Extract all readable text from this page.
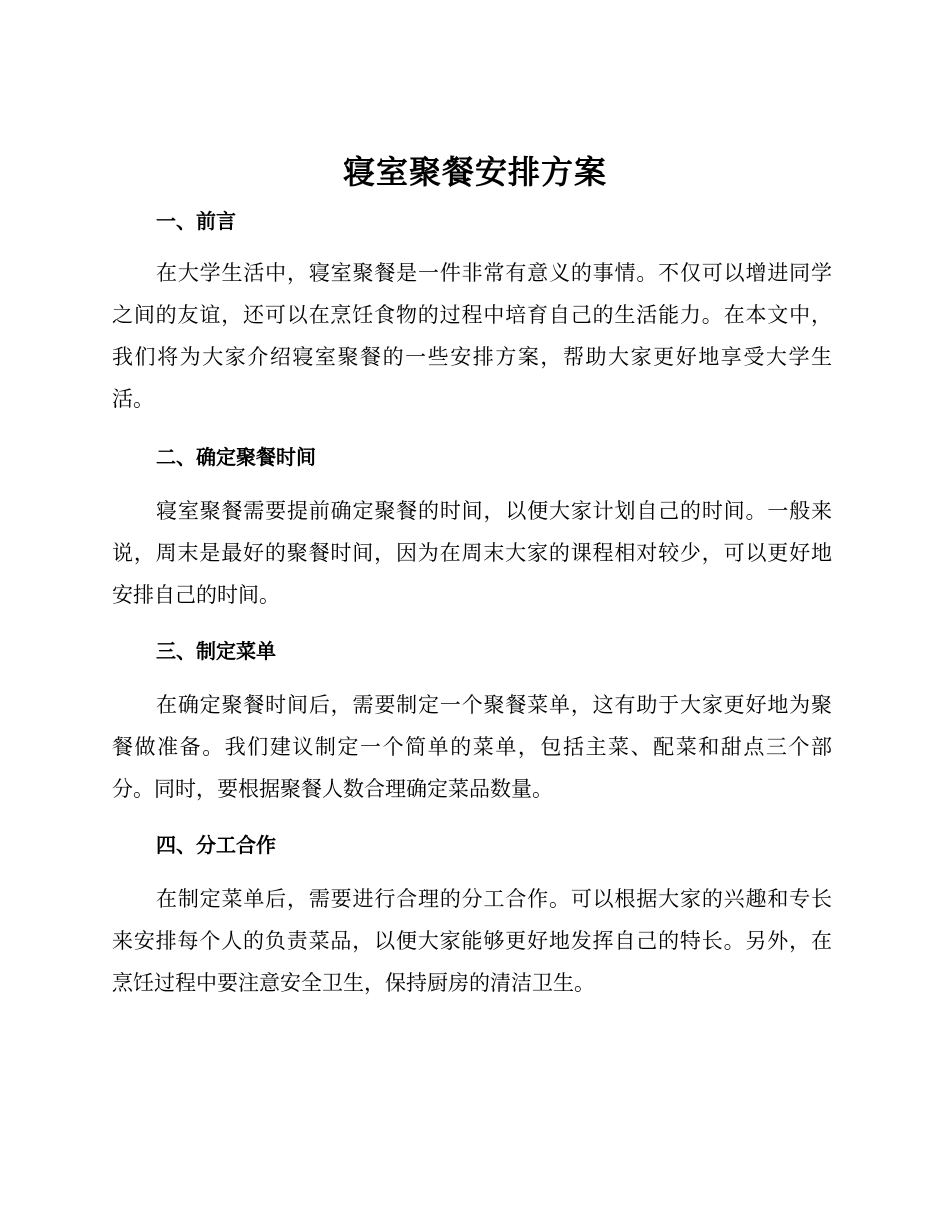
寝室聚餐安排方案
一、前言
在大学生活中，寝室聚餐是一件非常有意义的事情。不仅可以增进同学
之间的友谊，还可以在烹饪食物的过程中培育自己的生活能力。在本文中，
我们将为大家介绍寝室聚餐的一些安排方案，帮助大家更好地享受大学生
活。
二、确定聚餐时间
寝室聚餐需要提前确定聚餐的时间，以便大家计划自己的时间。一般来
说，周末是最好的聚餐时间，因为在周末大家的课程相对较少，可以更好地
安排自己的时间。
三、制定菜单
在确定聚餐时间后，需要制定一个聚餐菜单，这有助于大家更好地为聚
餐做准备。我们建议制定一个简单的菜单，包括主菜、配菜和甜点三个部
分。同时，要根据聚餐人数合理确定菜品数量。
四、分工合作
在制定菜单后，需要进行合理的分工合作。可以根据大家的兴趣和专长
来安排每个人的负责菜品，以便大家能够更好地发挥自己的特长。另外，在
烹饪过程中要注意安全卫生，保持厨房的清洁卫生。
